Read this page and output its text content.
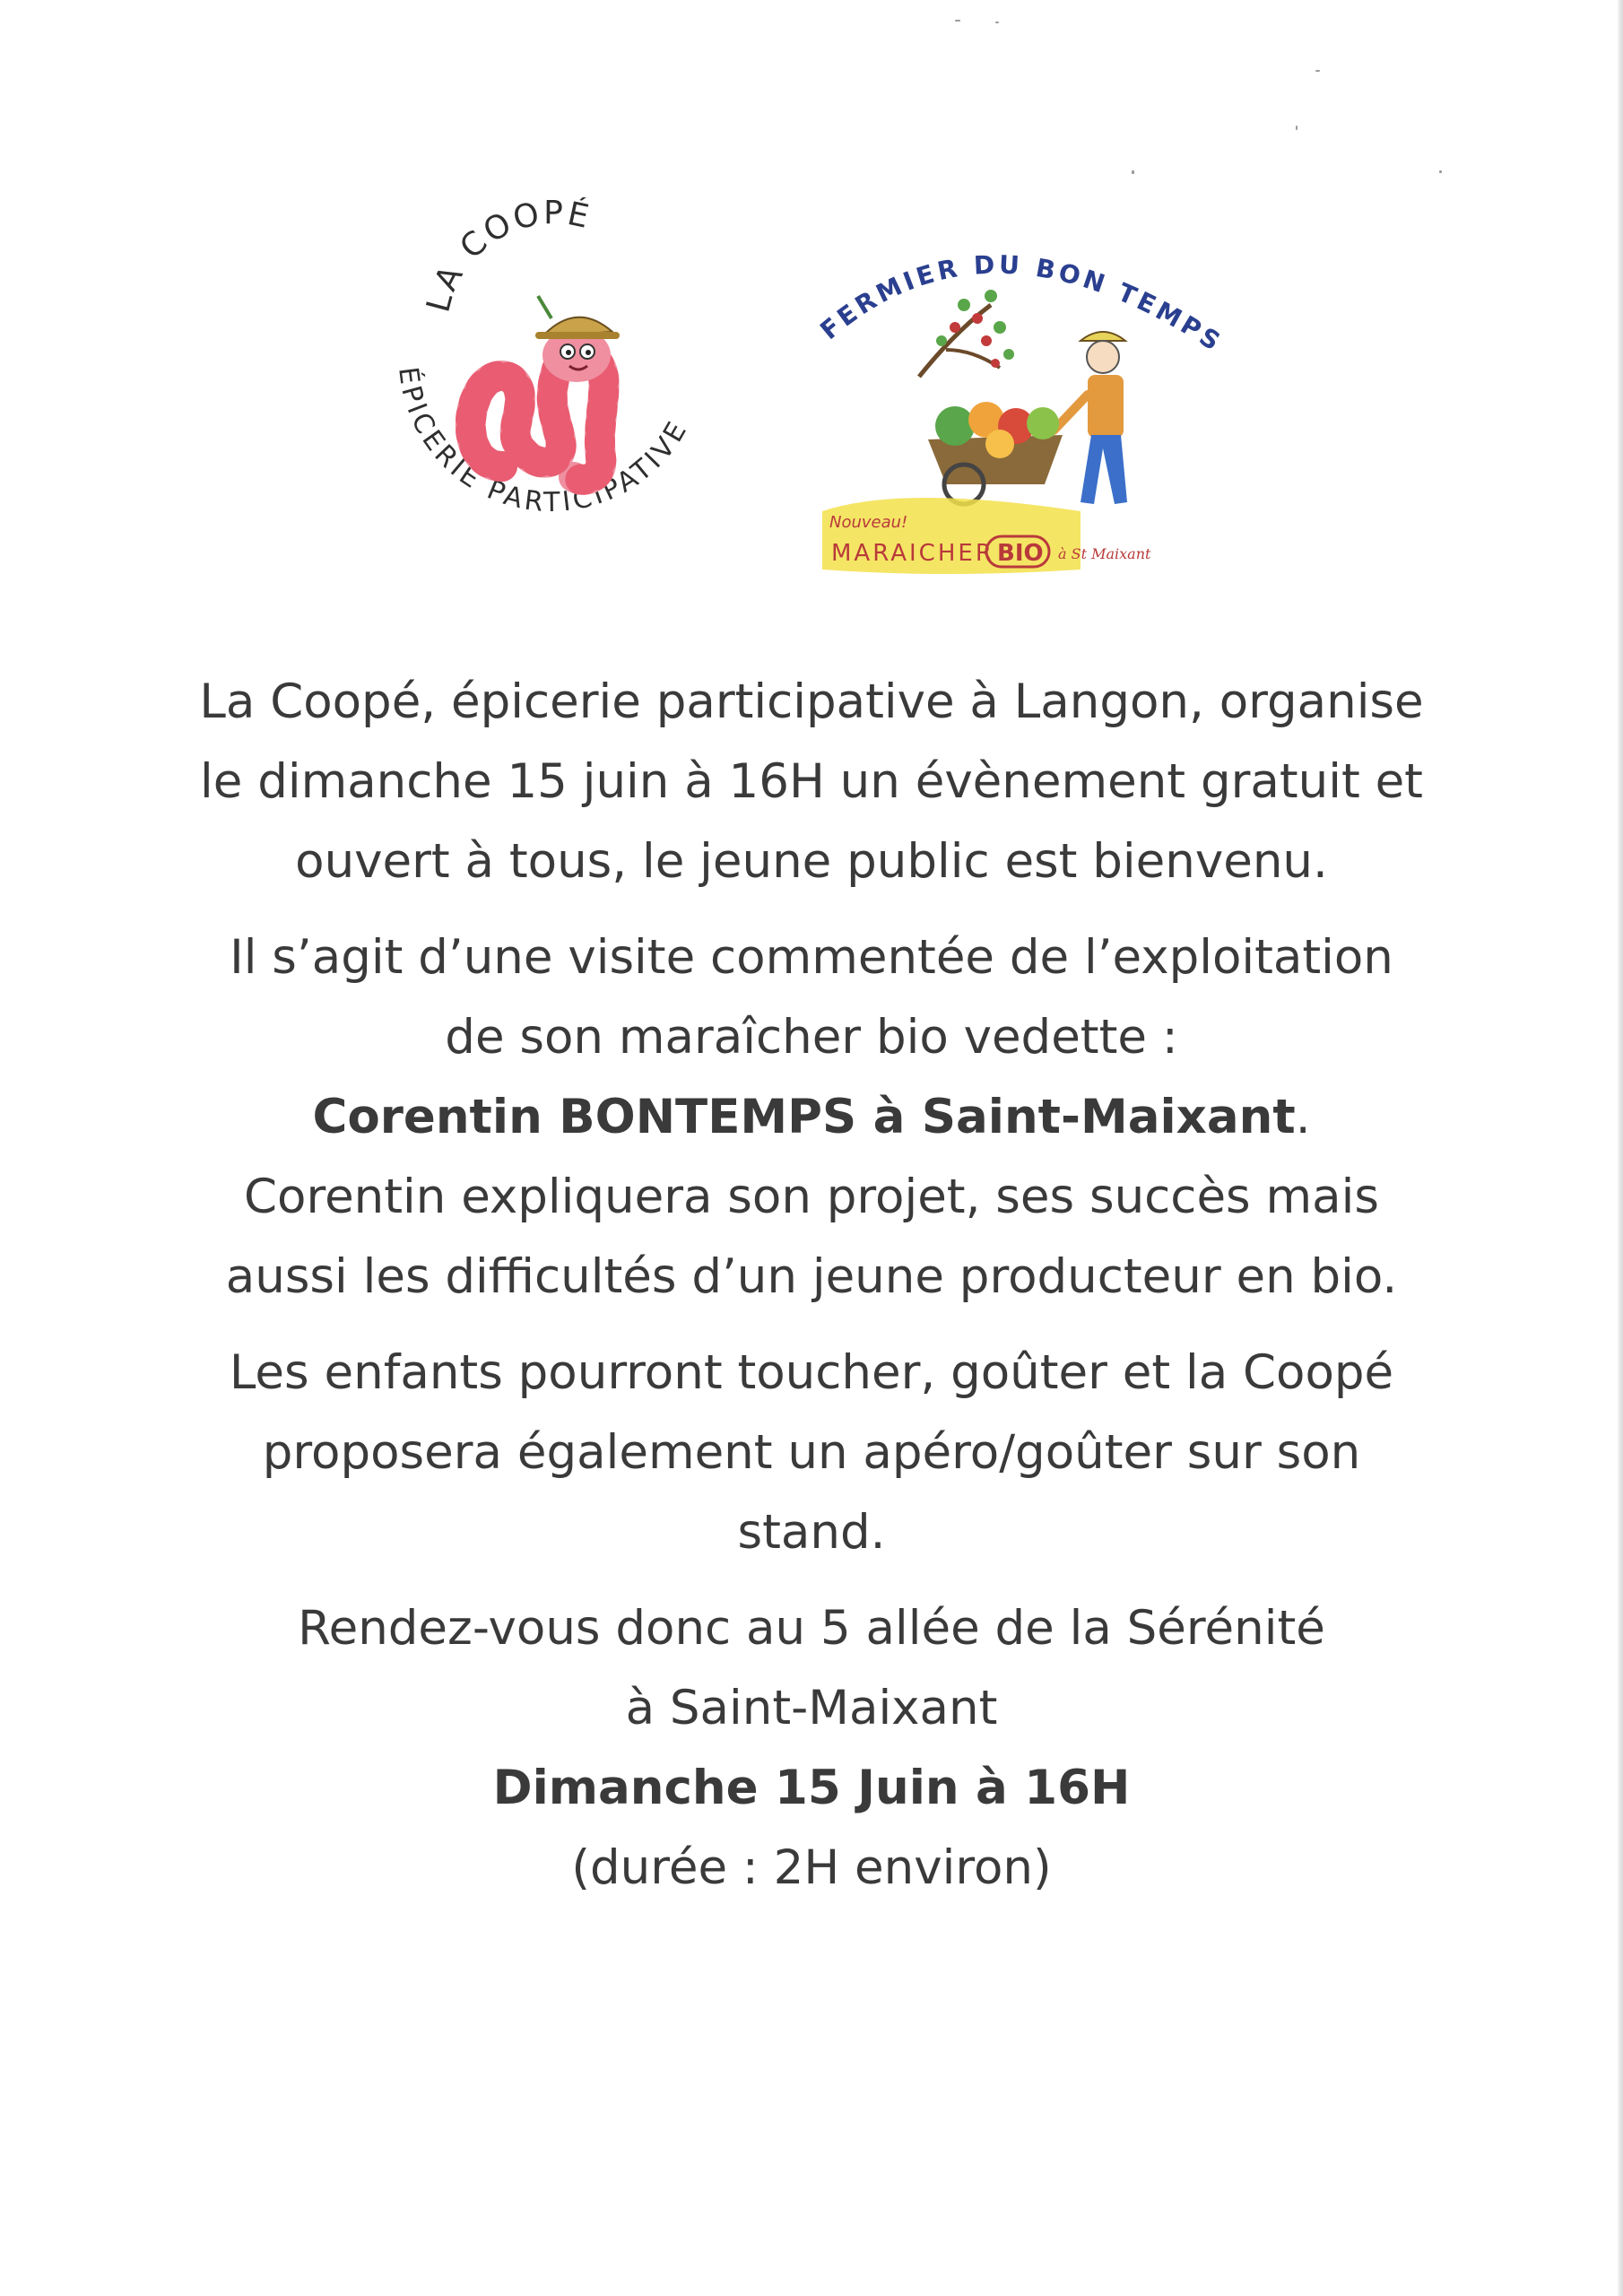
LA COOPÉ
ÉPICERIE PARTICIPATIVE
FERMIER DU BON TEMPS
Nouveau!
MARAICHER BIO à St Maixant

La Coopé, épicerie participative à Langon, organise
le dimanche 15 juin à 16H un évènement gratuit et
ouvert à tous, le jeune public est bienvenu.

Il s’agit d’une visite commentée de l’exploitation
de son maraîcher bio vedette :
Corentin BONTEMPS à Saint-Maixant.
Corentin expliquera son projet, ses succès mais
aussi les difficultés d’un jeune producteur en bio.

Les enfants pourront toucher, goûter et la Coopé
proposera également un apéro/goûter sur son
stand.

Rendez-vous donc au 5 allée de la Sérénité
à Saint-Maixant
Dimanche 15 Juin à 16H
(durée : 2H environ)
